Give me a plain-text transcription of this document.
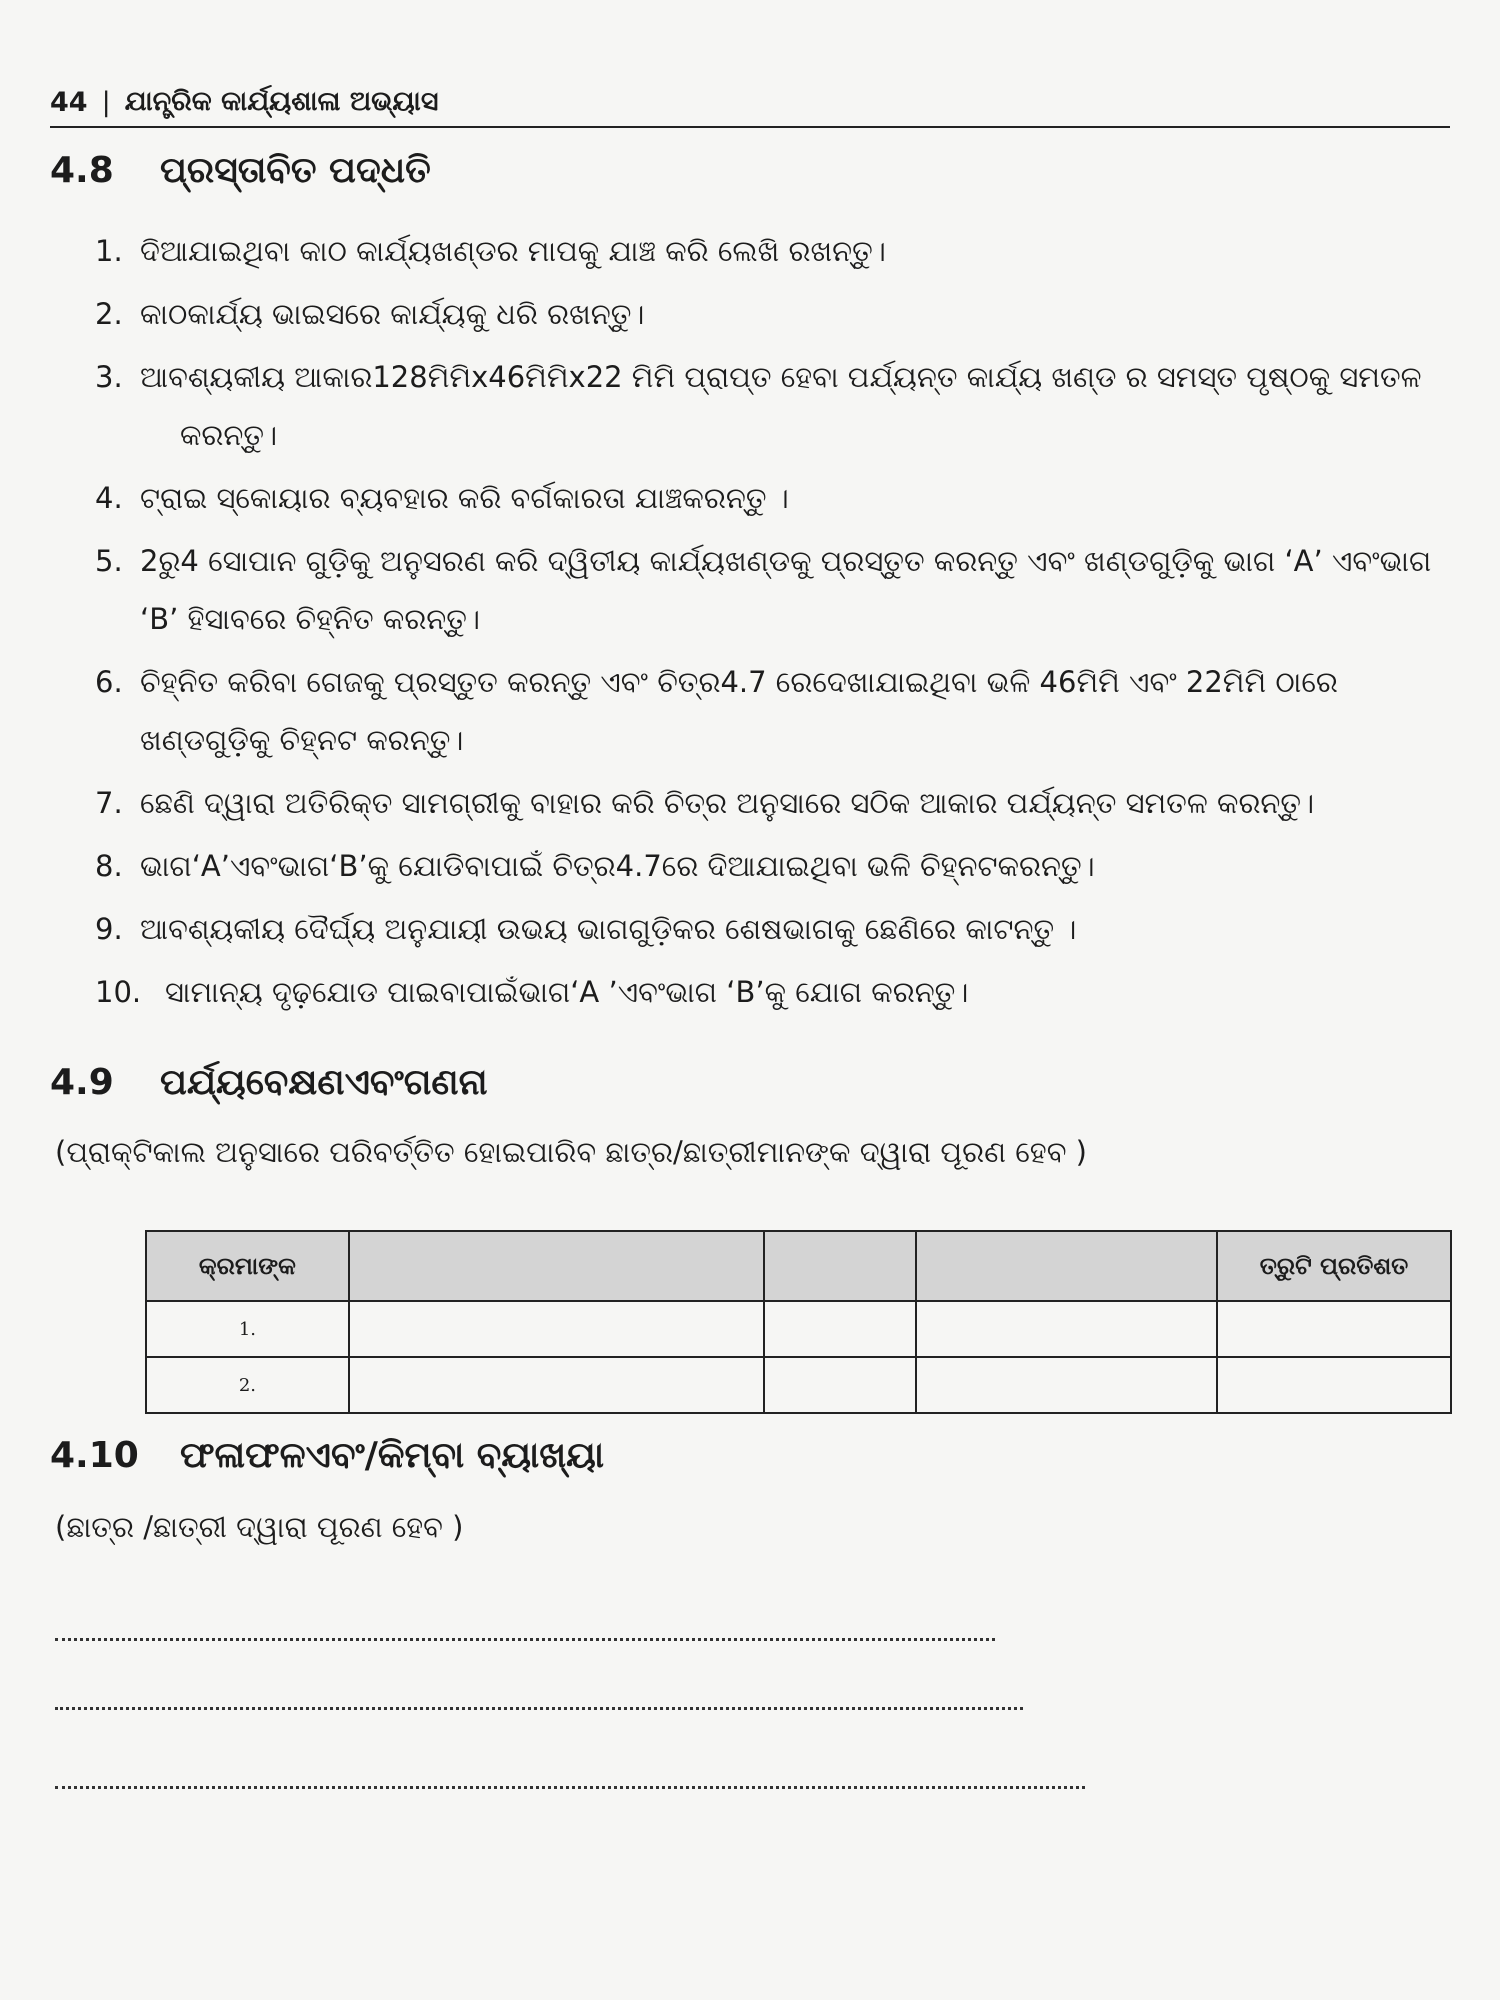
44 | ଯାନ୍ତ୍ରିକ କାର୍ଯ୍ୟଶାଳା ଅଭ୍ୟାସ
4.8 ପ୍ରସ୍ତାବିତ ପଦ୍ଧତି
1. ଦିଆଯାଇଥିବା କାଠ କାର୍ଯ୍ୟଖଣ୍ଡର ମାପକୁ ଯାଞ୍ଚ କରି ଲେଖି ରଖନ୍ତୁ।
2. କାଠକାର୍ଯ୍ୟ ଭାଇସରେ କାର୍ଯ୍ୟକୁ ଧରି ରଖନ୍ତୁ।
3. ଆବଶ୍ୟକୀୟ ଆକାର128ମିମିx46ମିମିx22 ମିମି ପ୍ରାପ୍ତ ହେବା ପର୍ଯ୍ୟନ୍ତ କାର୍ଯ୍ୟ ଖଣ୍ଡ ର ସମସ୍ତ ପୃଷ୍ଠକୁ ସମତଳ
କରନ୍ତୁ।
4. ଟ୍ରାଇ ସ୍କୋୟାର ବ୍ୟବହାର କରି ବର୍ଗକାରତା ଯାଞ୍ଚକରନ୍ତୁ ।
5. 2ରୁ4 ସୋପାନ ଗୁଡ଼ିକୁ ଅନୁସରଣ କରି ଦ୍ୱିତୀୟ କାର୍ଯ୍ୟଖଣ୍ଡକୁ ପ୍ରସ୍ତୁତ କରନ୍ତୁ ଏବଂ ଖଣ୍ଡଗୁଡ଼ିକୁ ଭାଗ ‘A’ ଏବଂଭାଗ ‘B’ ହିସାବରେ ଚିହ୍ନିତ କରନ୍ତୁ।
6. ଚିହ୍ନିତ କରିବା ଗେଜକୁ ପ୍ରସ୍ତୁତ କରନ୍ତୁ ଏବଂ ଚିତ୍ର4.7 ରେଦେଖାଯାଇଥିବା ଭଳି 46ମିମି ଏବଂ 22ମିମି ଠାରେ ଖଣ୍ଡଗୁଡ଼ିକୁ ଚିହ୍ନଟ କରନ୍ତୁ।
7. ଛେଣି ଦ୍ୱାରା ଅତିରିକ୍ତ ସାମଗ୍ରୀକୁ ବାହାର କରି ଚିତ୍ର ଅନୁସାରେ ସଠିକ ଆକାର ପର୍ଯ୍ୟନ୍ତ ସମତଳ କରନ୍ତୁ।
8. ଭାଗ‘A’ଏବଂଭାଗ‘B’କୁ ଯୋଡିବାପାଇଁ ଚିତ୍ର4.7ରେ ଦିଆଯାଇଥିବା ଭଳି ଚିହ୍ନଟକରନ୍ତୁ।
9. ଆବଶ୍ୟକୀୟ ଦୈର୍ଘ୍ୟ ଅନୁଯାୟୀ ଉଭୟ ଭାଗଗୁଡ଼ିକର ଶେଷଭାଗକୁ ଛେଣିରେ କାଟନ୍ତୁ ।
10. ସାମାନ୍ୟ ଦୃଢ଼ଯୋଡ ପାଇବାପାଇଁଭାଗ‘A ’ଏବଂଭାଗ ‘B’କୁ ଯୋଗ କରନ୍ତୁ।
4.9 ପର୍ଯ୍ୟବେକ୍ଷଣଏବଂଗଣନା
(ପ୍ରାକ୍ଟିକାଲ ଅନୁସାରେ ପରିବର୍ତ୍ତିତ ହୋଇପାରିବ ଛାତ୍ର/ଛାତ୍ରୀମାନଙ୍କ ଦ୍ୱାରା ପୂରଣ ହେବ )
କ୍ରମାଙ୍କ				ତ୍ରୁଟି ପ୍ରତିଶତ
1.				
2.				
4.10 ଫଳାଫଳଏବଂ/କିମ୍ବା ବ୍ୟାଖ୍ୟା
(ଛାତ୍ର /ଛାତ୍ରୀ ଦ୍ୱାରା ପୂରଣ ହେବ )
